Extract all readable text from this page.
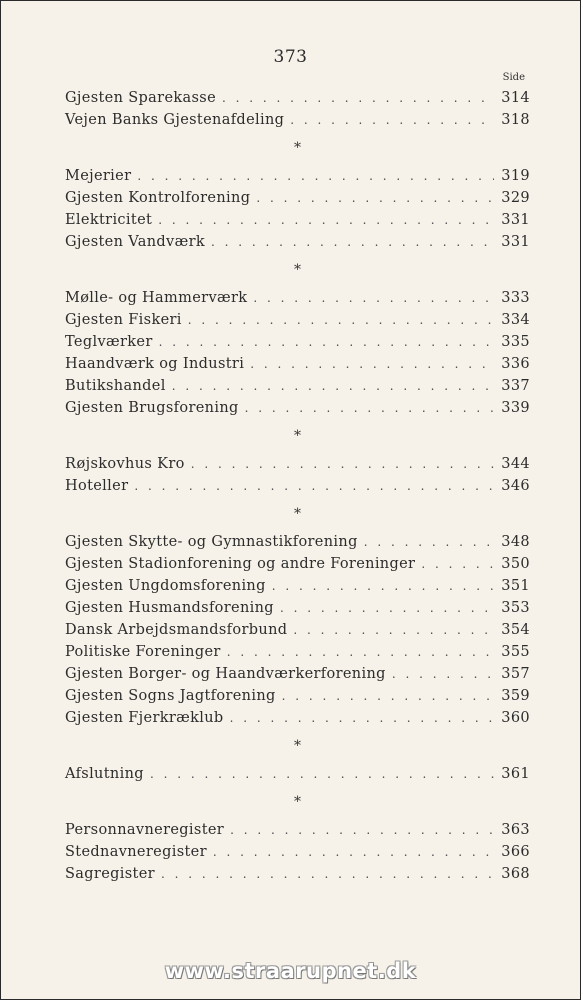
373
Side
Gjesten Sparekasse . . .	314
Vejen Banks Gjestenafdeling . . .	318
*
Mejerier . . .	319
Gjesten Kontrolforening . . .	329
Elektricitet . . .	331
Gjesten Vandværk . . .	331
*
Mølle- og Hammerværk . . .	333
Gjesten Fiskeri . . .	334
Teglværker . . .	335
Haandværk og Industri . . .	336
Butikshandel . . .	337
Gjesten Brugsforening . . .	339
*
Røjskovhus Kro . . .	344
Hoteller . . .	346
*
Gjesten Skytte- og Gymnastikforening . . .	348
Gjesten Stadionforening og andre Foreninger . . .	350
Gjesten Ungdomsforening . . .	351
Gjesten Husmandsforening . . .	353
Dansk Arbejdsmandsforbund . . .	354
Politiske Foreninger . . .	355
Gjesten Borger- og Haandværkerforening . . .	357
Gjesten Sogns Jagtforening . . .	359
Gjesten Fjerkræklub . . .	360
*
Afslutning . . .	361
*
Personnavneregister . . .	363
Stednavneregister . . .	366
Sagregister . . .	368
www.straarupnet.dk
